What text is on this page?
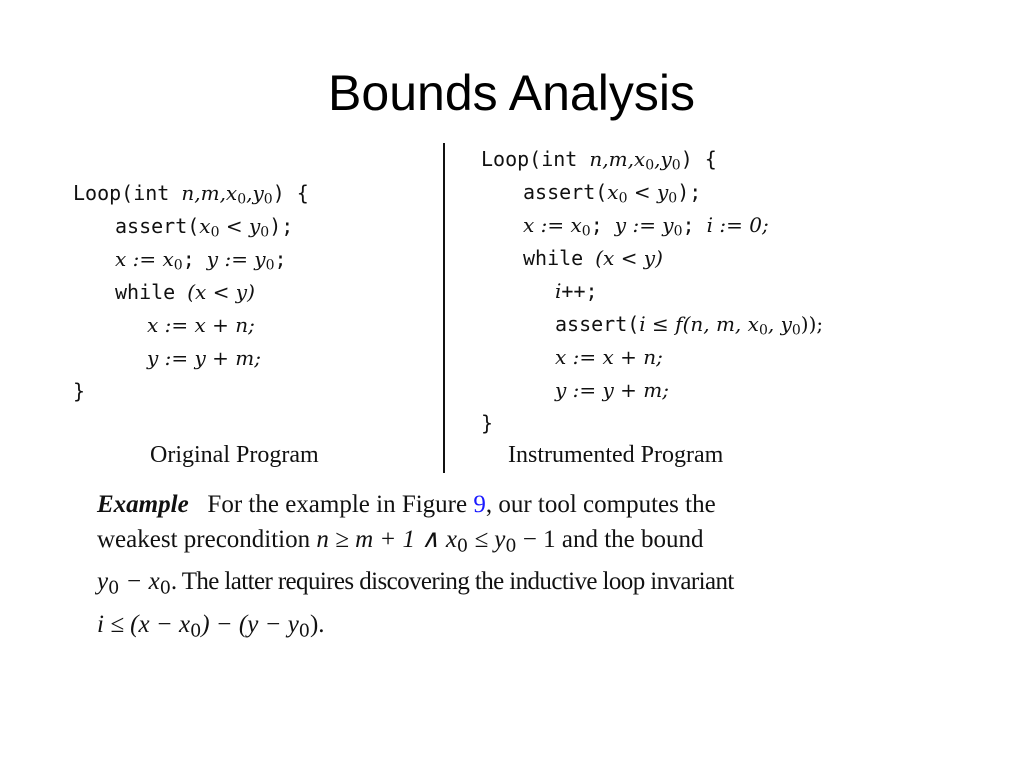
Bounds Analysis
Loop(int $n,m,x_0,y_0$) {
$assert(x_0 < y_0)$;
x := $x_0$; y := $y_0$;
while (x < y)
x := x + n;
y := y + m;
}
Original Program
Loop(int $n,m,x_0,y_0$) {
$assert(x_0 < y_0)$;
x := $x_0$; y := $y_0$; i := 0;
while (x < y)
i++;
assert(i ≤ f(n, m, $x_0$, $y_0$));
x := x + n;
y := y + m;
}
Instrumented Program
Example For the example in Figure 9, our tool computes the
weakest precondition n ≥ m + 1 ∧ $x_0 \le y_0 - 1$ and the bound
$y_0 - x_0$. The latter requires discovering the inductive loop invariant
$i \le (x - x_0) - (y - y_0)$.
